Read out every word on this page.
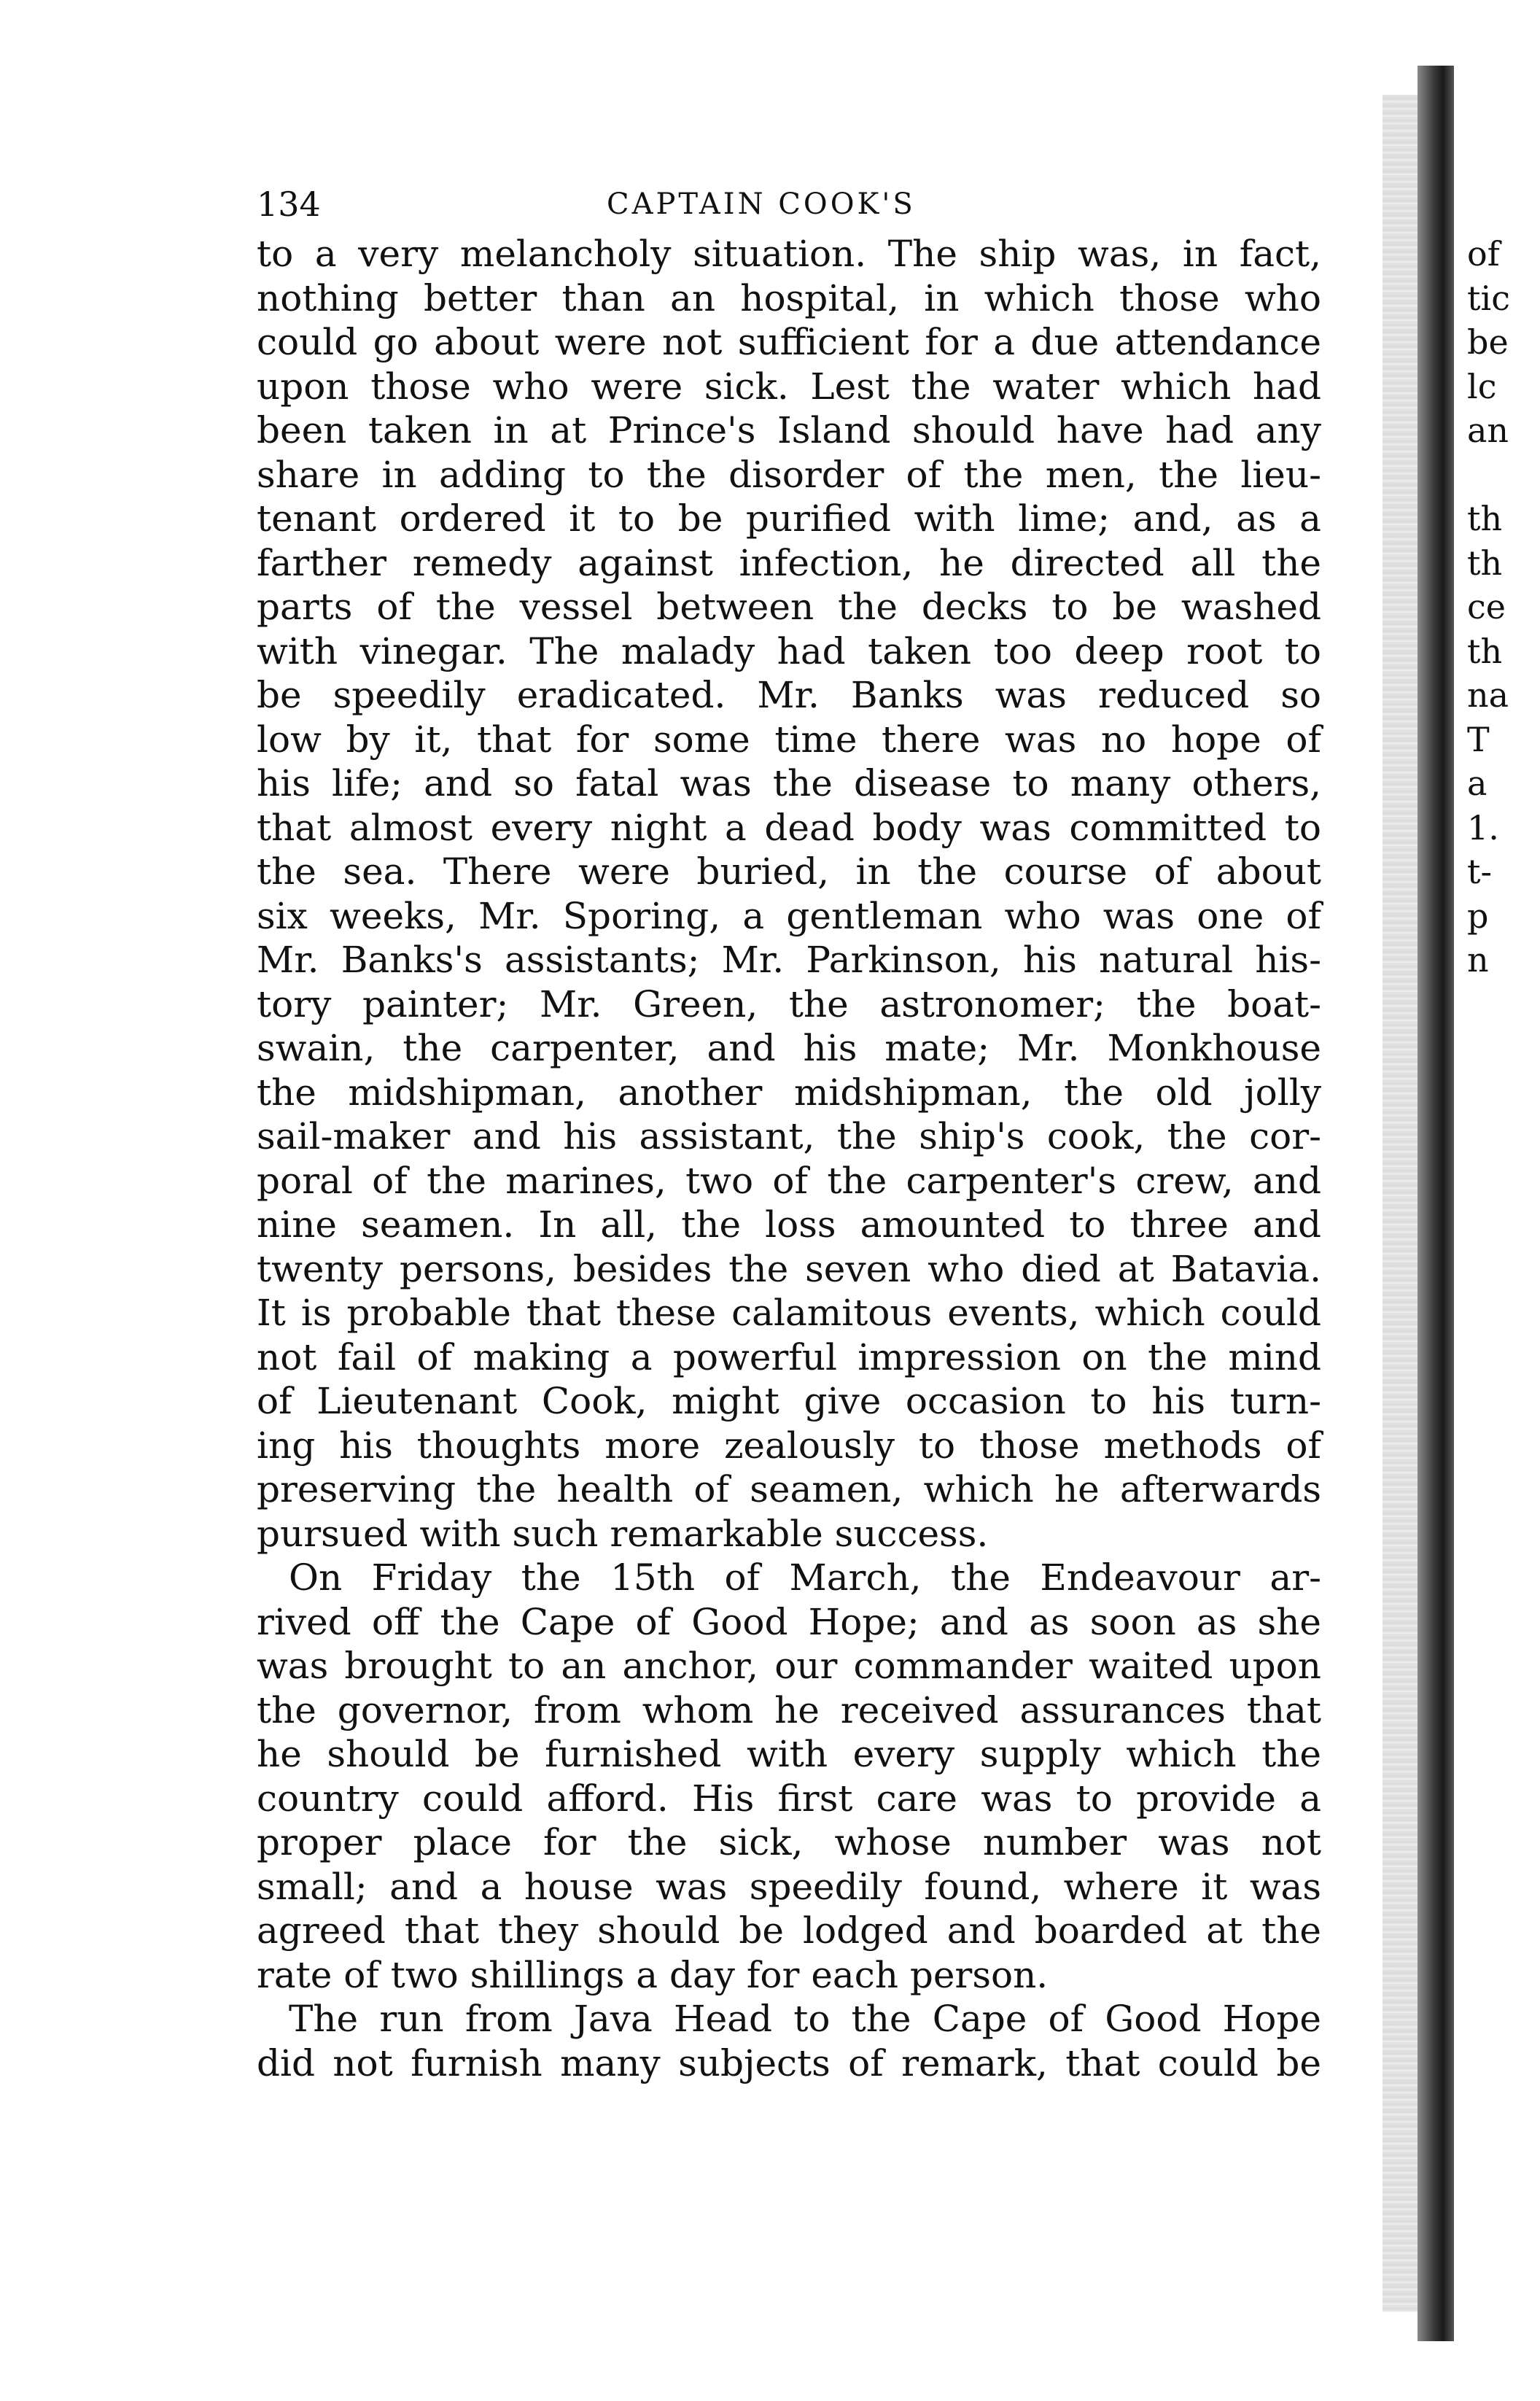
134	CAPTAIN COOK'S
to a very melancholy situation. The ship was, in fact,
nothing better than an hospital, in which those who
could go about were not sufficient for a due attendance
upon those who were sick. Lest the water which had
been taken in at Prince's Island should have had any
share in adding to the disorder of the men, the lieu-
tenant ordered it to be purified with lime; and, as a
farther remedy against infection, he directed all the
parts of the vessel between the decks to be washed
with vinegar. The malady had taken too deep root to
be speedily eradicated. Mr. Banks was reduced so
low by it, that for some time there was no hope of
his life; and so fatal was the disease to many others,
that almost every night a dead body was committed to
the sea. There were buried, in the course of about
six weeks, Mr. Sporing, a gentleman who was one of
Mr. Banks's assistants; Mr. Parkinson, his natural his-
tory painter; Mr. Green, the astronomer; the boat-
swain, the carpenter, and his mate; Mr. Monkhouse
the midshipman, another midshipman, the old jolly
sail-maker and his assistant, the ship's cook, the cor-
poral of the marines, two of the carpenter's crew, and
nine seamen. In all, the loss amounted to three and
twenty persons, besides the seven who died at Batavia.
It is probable that these calamitous events, which could
not fail of making a powerful impression on the mind
of Lieutenant Cook, might give occasion to his turn-
ing his thoughts more zealously to those methods of
preserving the health of seamen, which he afterwards
pursued with such remarkable success.
On Friday the 15th of March, the Endeavour ar-
rived off the Cape of Good Hope; and as soon as she
was brought to an anchor, our commander waited upon
the governor, from whom he received assurances that
he should be furnished with every supply which the
country could afford. His first care was to provide a
proper place for the sick, whose number was not
small; and a house was speedily found, where it was
agreed that they should be lodged and boarded at the
rate of two shillings a day for each person.
The run from Java Head to the Cape of Good Hope
did not furnish many subjects of remark, that could be
of
tic
be
lc
an
th
th
ce
th
na
T
a
1.
t-
p
n
